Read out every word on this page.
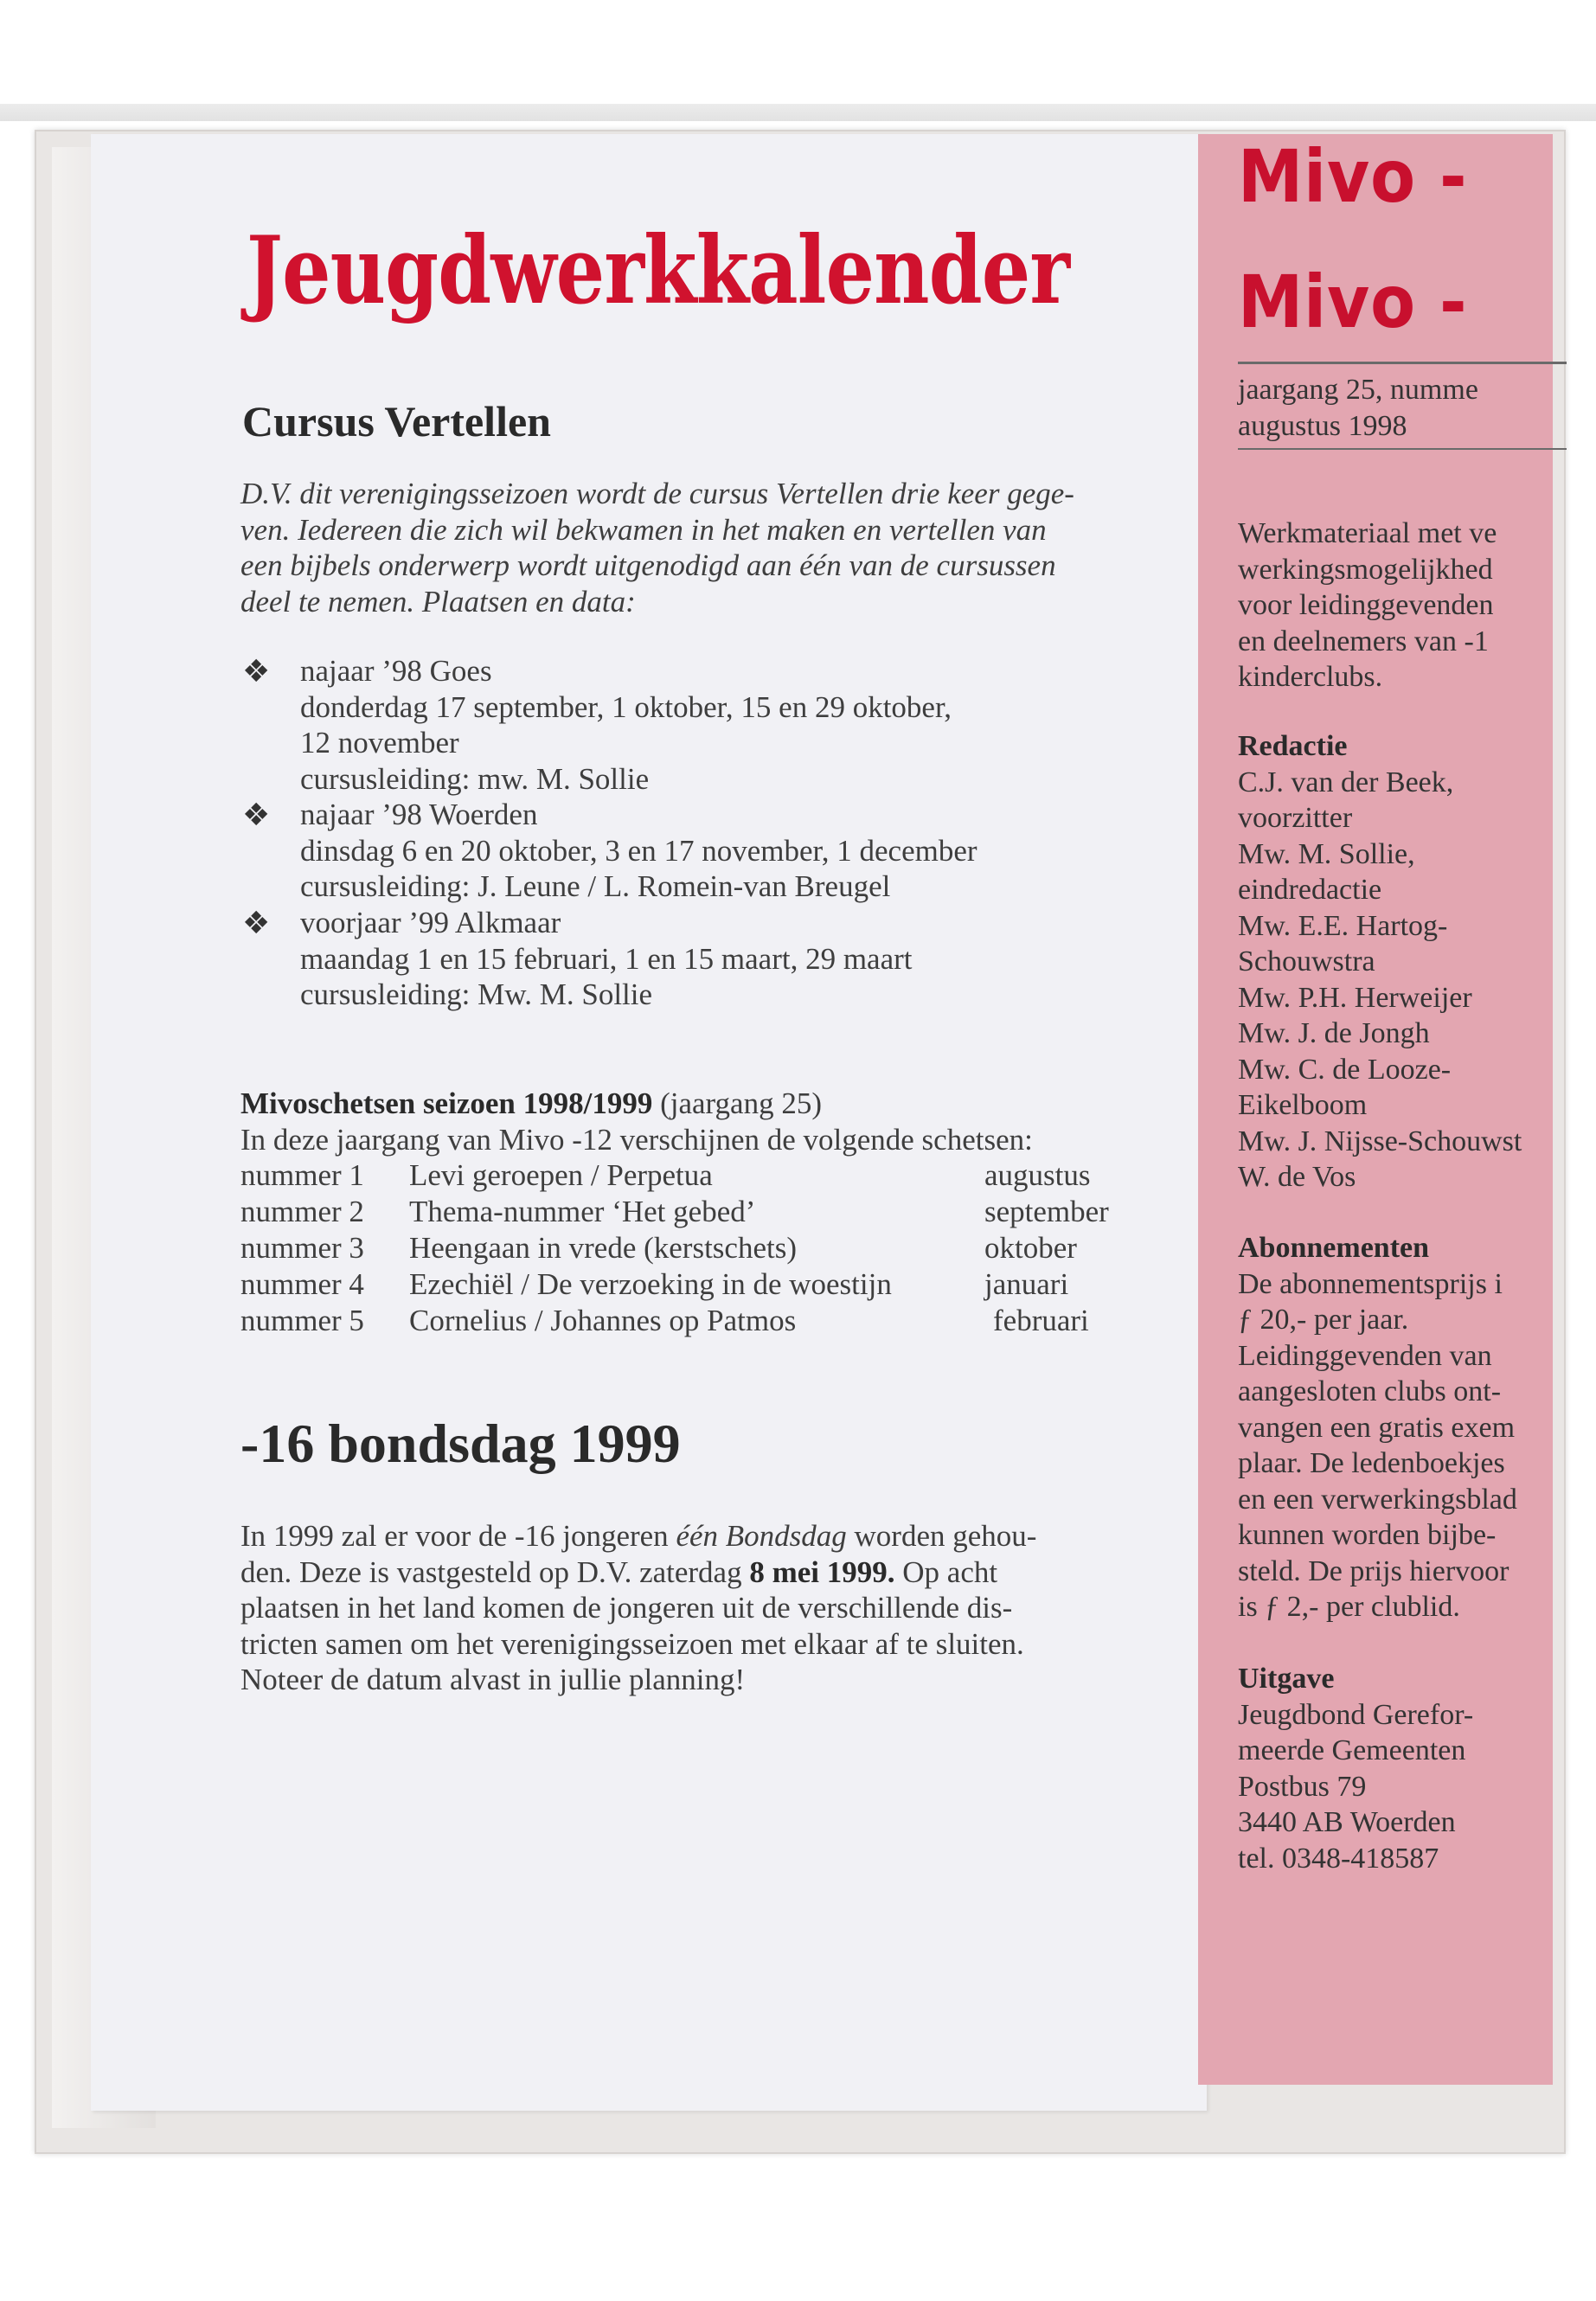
Mivo -
Mivo -
jaargang 25, numme
augustus 1998
Werkmateriaal met ve
werkingsmogelijkhed
voor leidinggevenden
en deelnemers van -1
kinderclubs.
Redactie
C.J. van der Beek,
voorzitter
Mw. M. Sollie,
eindredactie
Mw. E.E. Hartog-
Schouwstra
Mw. P.H. Herweijer
Mw. J. de Jongh
Mw. C. de Looze-
Eikelboom
Mw. J. Nijsse-Schouwst
W. de Vos
Abonnementen
De abonnementsprijs i
ƒ 20,- per jaar.
Leidinggevenden van
aangesloten clubs ont-
vangen een gratis exem
plaar. De ledenboekjes
en een verwerkingsblad
kunnen worden bijbe-
steld. De prijs hiervoor
is ƒ 2,- per clublid.
Uitgave
Jeugdbond Gerefor-
meerde Gemeenten
Postbus 79
3440 AB Woerden
tel. 0348-418587
Jeugdwerkkalender
Cursus Vertellen
D.V. dit verenigingsseizoen wordt de cursus Vertellen drie keer gege-
ven. Iedereen die zich wil bekwamen in het maken en vertellen van
een bijbels onderwerp wordt uitgenodigd aan één van de cursussen
deel te nemen. Plaatsen en data:
❖ najaar ’98 Goes
donderdag 17 september, 1 oktober, 15 en 29 oktober,
12 november
cursusleiding: mw. M. Sollie
❖ najaar ’98 Woerden
dinsdag 6 en 20 oktober, 3 en 17 november, 1 december
cursusleiding: J. Leune / L. Romein-van Breugel
❖ voorjaar ’99 Alkmaar
maandag 1 en 15 februari, 1 en 15 maart, 29 maart
cursusleiding: Mw. M. Sollie
Mivoschetsen seizoen 1998/1999 (jaargang 25)
In deze jaargang van Mivo -12 verschijnen de volgende schetsen:
nummer 1 Levi geroepen / Perpetua	augustus
nummer 2 Thema-nummer ‘Het gebed’	september
nummer 3 Heengaan in vrede (kerstschets)	oktober
nummer 4 Ezechiël / De verzoeking in de woestijn	januari
nummer 5 Cornelius / Johannes op Patmos	februari
-16 bondsdag 1999
In 1999 zal er voor de -16 jongeren één Bondsdag worden gehou-
den. Deze is vastgesteld op D.V. zaterdag 8 mei 1999. Op acht
plaatsen in het land komen de jongeren uit de verschillende dis-
tricten samen om het verenigingsseizoen met elkaar af te sluiten.
Noteer de datum alvast in jullie planning!
